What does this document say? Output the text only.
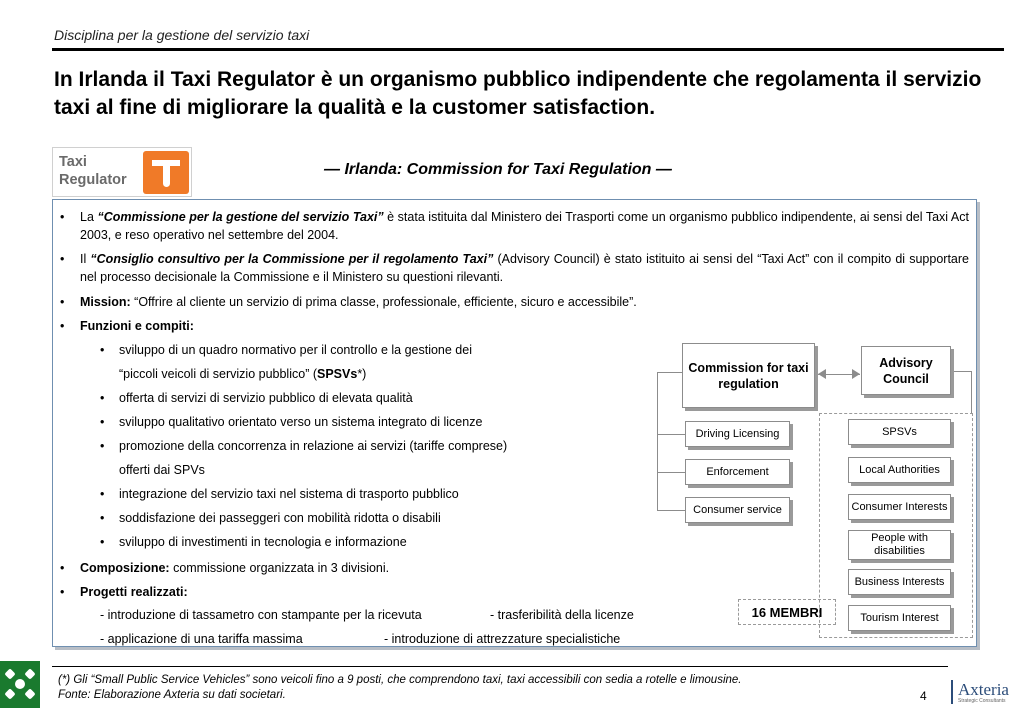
Disciplina per la gestione del servizio taxi
In Irlanda il Taxi Regulator è un organismo pubblico indipendente che regolamenta il servizio taxi al fine di migliorare la qualità e la customer satisfaction.
Taxi
Regulator
— Irlanda: Commission for Taxi Regulation —
• La “Commissione per la gestione del servizio Taxi” è stata istituita dal Ministero dei Trasporti come un organismo pubblico indipendente, ai sensi del Taxi Act 2003, e reso operativo nel settembre del 2004.
• Il “Consiglio consultivo per la Commissione per il regolamento Taxi” (Advisory Council) è stato istituito ai sensi del “Taxi Act” con il compito di supportare nel processo decisionale la Commissione e il Ministero su questioni rilevanti.
• Mission: “Offrire al cliente un servizio di prima classe, professionale, efficiente, sicuro e accessibile”.
• Funzioni e compiti:
• sviluppo di un quadro normativo per il controllo e la gestione dei
“piccoli veicoli di servizio pubblico” (SPSVs*)
• offerta di servizi di servizio pubblico di elevata qualità
• sviluppo qualitativo orientato verso un sistema integrato di licenze
• promozione della concorrenza in relazione ai servizi (tariffe comprese)
offerti dai SPVs
• integrazione del servizio taxi nel sistema di trasporto pubblico
• soddisfazione dei passeggeri con mobilità ridotta o disabili
• sviluppo di investimenti in tecnologia e informazione
• Composizione: commissione organizzata in 3 divisioni.
• Progetti realizzati:
- introduzione di tassametro con stampante per la ricevuta	- trasferibilità della licenze
- applicazione di una tariffa massima	- introduzione di attrezzature specialistiche
Commission for taxi regulation
Advisory Council
Driving Licensing
Enforcement
Consumer service
SPSVs
Local Authorities
Consumer Interests
People with disabilities
Business Interests
Tourism Interest
16 MEMBRI
(*) Gli “Small Public Service Vehicles” sono veicoli fino a 9 posti, che comprendono taxi, taxi accessibili con sedia a rotelle e limousine.
Fonte: Elaborazione Axteria su dati societari.	4 Axteria
Strategic Consultants
